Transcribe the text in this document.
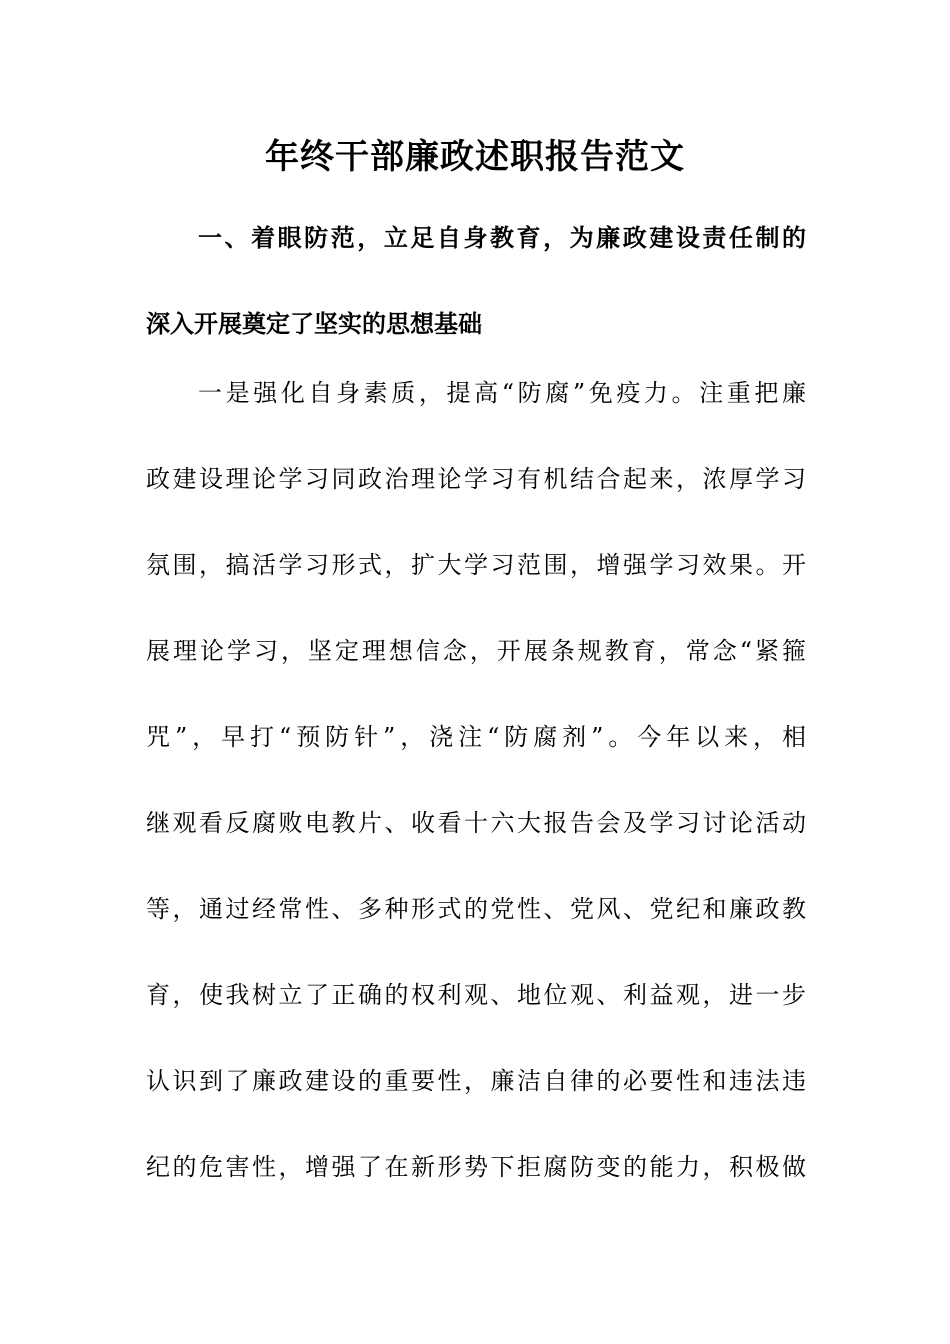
年终干部廉政述职报告范文
一、着眼防范，立足自身教育，为廉政建设责任制的
深入开展奠定了坚实的思想基础
一是强化自身素质，提高“防腐”免疫力。注重把廉
政建设理论学习同政治理论学习有机结合起来，浓厚学习
氛围，搞活学习形式，扩大学习范围，增强学习效果。开
展理论学习，坚定理想信念，开展条规教育，常念“紧箍
咒”，早打“预防针”，浇注“防腐剂”。今年以来，相
继观看反腐败电教片、收看十六大报告会及学习讨论活动
等，通过经常性、多种形式的党性、党风、党纪和廉政教
育，使我树立了正确的权利观、地位观、利益观，进一步
认识到了廉政建设的重要性，廉洁自律的必要性和违法违
纪的危害性，增强了在新形势下拒腐防变的能力，积极做
